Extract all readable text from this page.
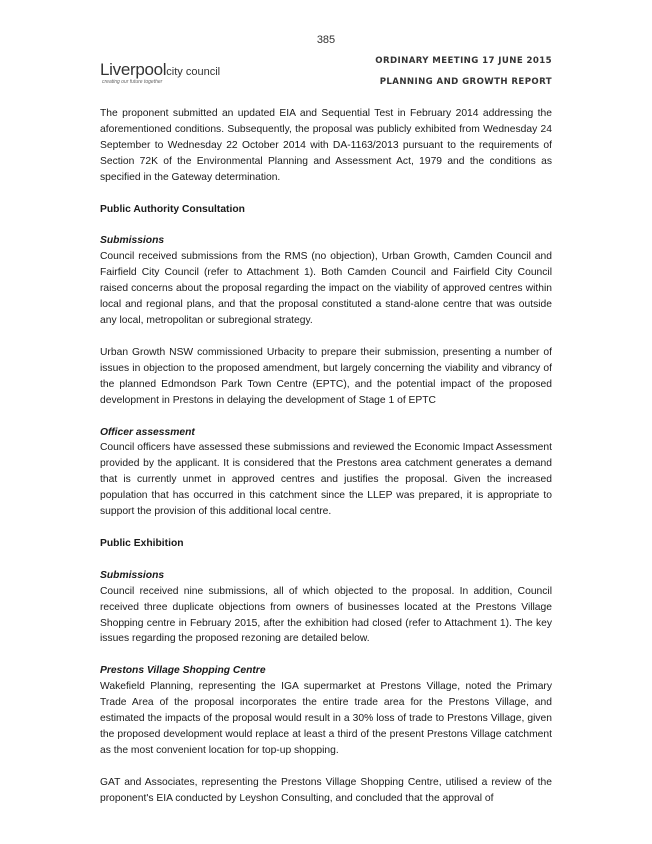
385
Liverpoolcity council
creating our future together
ORDINARY MEETING 17 JUNE 2015
PLANNING AND GROWTH REPORT

The proponent submitted an updated EIA and Sequential Test in February 2014 addressing the aforementioned conditions. Subsequently, the proposal was publicly exhibited from Wednesday 24 September to Wednesday 22 October 2014 with DA-1163/2013 pursuant to the requirements of Section 72K of the Environmental Planning and Assessment Act, 1979 and the conditions as specified in the Gateway determination.

Public Authority Consultation

Submissions

Council received submissions from the RMS (no objection), Urban Growth, Camden Council and Fairfield City Council (refer to Attachment 1). Both Camden Council and Fairfield City Council raised concerns about the proposal regarding the impact on the viability of approved centres within local and regional plans, and that the proposal constituted a stand-alone centre that was outside any local, metropolitan or subregional strategy.

Urban Growth NSW commissioned Urbacity to prepare their submission, presenting a number of issues in objection to the proposed amendment, but largely concerning the viability and vibrancy of the planned Edmondson Park Town Centre (EPTC), and the potential impact of the proposed development in Prestons in delaying the development of Stage 1 of EPTC

Officer assessment

Council officers have assessed these submissions and reviewed the Economic Impact Assessment provided by the applicant. It is considered that the Prestons area catchment generates a demand that is currently unmet in approved centres and justifies the proposal. Given the increased population that has occurred in this catchment since the LLEP was prepared, it is appropriate to support the provision of this additional local centre.

Public Exhibition

Submissions

Council received nine submissions, all of which objected to the proposal. In addition, Council received three duplicate objections from owners of businesses located at the Prestons Village Shopping centre in February 2015, after the exhibition had closed (refer to Attachment 1). The key issues regarding the proposed rezoning are detailed below.

Prestons Village Shopping Centre

Wakefield Planning, representing the IGA supermarket at Prestons Village, noted the Primary Trade Area of the proposal incorporates the entire trade area for the Prestons Village, and estimated the impacts of the proposal would result in a 30% loss of trade to Prestons Village, given the proposed development would replace at least a third of the present Prestons Village catchment as the most convenient location for top-up shopping.

GAT and Associates, representing the Prestons Village Shopping Centre, utilised a review of the proponent's EIA conducted by Leyshon Consulting, and concluded that the approval of
